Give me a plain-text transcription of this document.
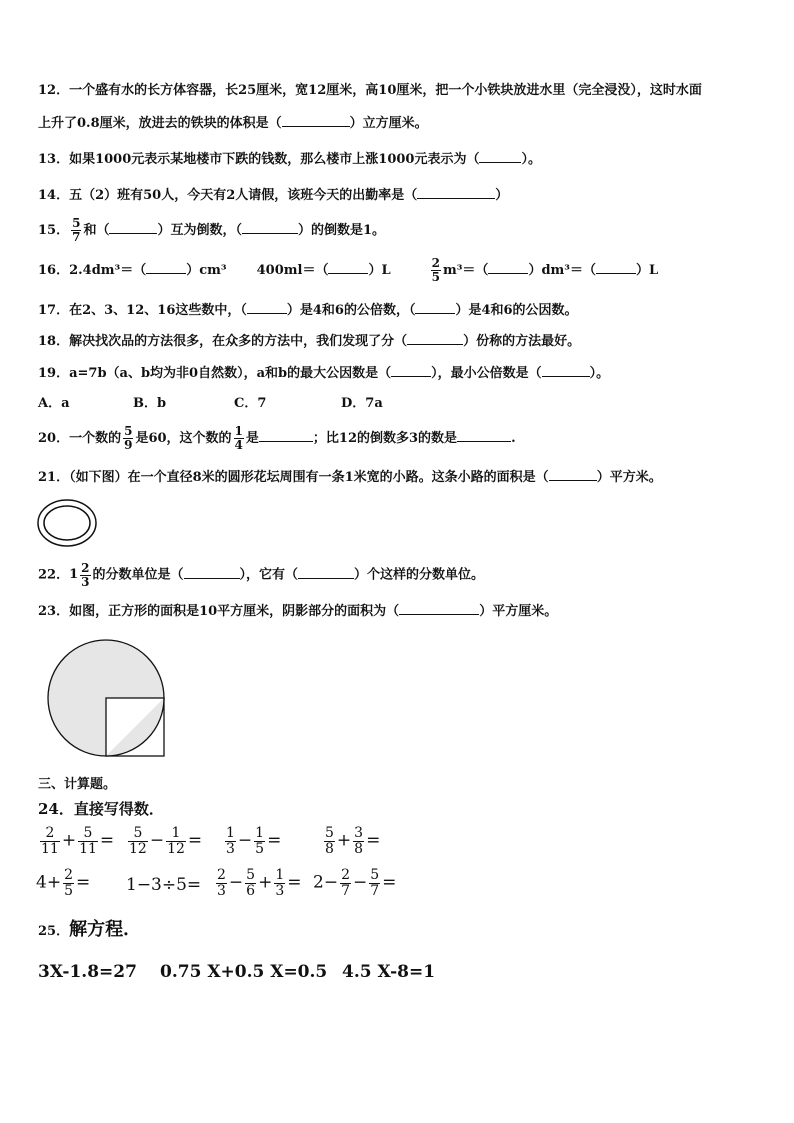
12．一个盛有水的长方体容器，长25厘米，宽12厘米，高10厘米，把一个小铁块放进水里（完全浸没），这时水面
上升了0.8厘米，放进去的铁块的体积是（	）立方厘米。
13．如果1000元表示某地楼市下跌的钱数，那么楼市上涨1000元表示为（	）。
14．五（2）班有50人，今天有2人请假，该班今天的出勤率是（	）
15． $\frac{5}{7}$ 和（	）互为倒数，（	）的倒数是1。
16．2.4dm³＝（	）cm³ 400ml＝（	）L	$\frac{2}{5} m^3=$（	）dm³＝（	）L
17．在2、3、12、16这些数中，（	）是4和6的公倍数，（	）是4和6的公因数。
18．解决找次品的方法很多，在众多的方法中，我们发现了分（	）份称的方法最好。
19．a=7b（a、b均为非0自然数），a和b的最大公因数是（	），最小公倍数是（	）。
A．a	B．b	C．7	D．7a
20．一个数的 $\frac{5}{9}$ 是60，这个数的 $\frac{1}{4}$ 是	；比12的倒数多3的数是	.
21．（如下图）在一个直径8米的圆形花坛周围有一条1米宽的小路。这条小路的面积是（	）平方米。
22．$1 \frac{2}{3}$ 的分数单位是（	），它有（	）个这样的分数单位。
23．如图，正方形的面积是10平方厘米，阴影部分的面积为（	）平方厘米。
三、计算题。
24．直接写得数．
$\frac{2}{11} + \frac{5}{11} = \frac{5}{12} - \frac{1}{12} = \frac{1}{3} - \frac{1}{5}$ =	$\frac{5}{8} + \frac{3}{8}$ =
$4+ \frac{2}{5} = 1-3\div 5= \frac{2}{3} - \frac{5}{6} + \frac{1}{3} = 2- \frac{2}{7} - \frac{5}{7}$ =
25．解方程．
3X-1.8=27 0.75 X+0.5 X=0.5 4.5 X-8=1
